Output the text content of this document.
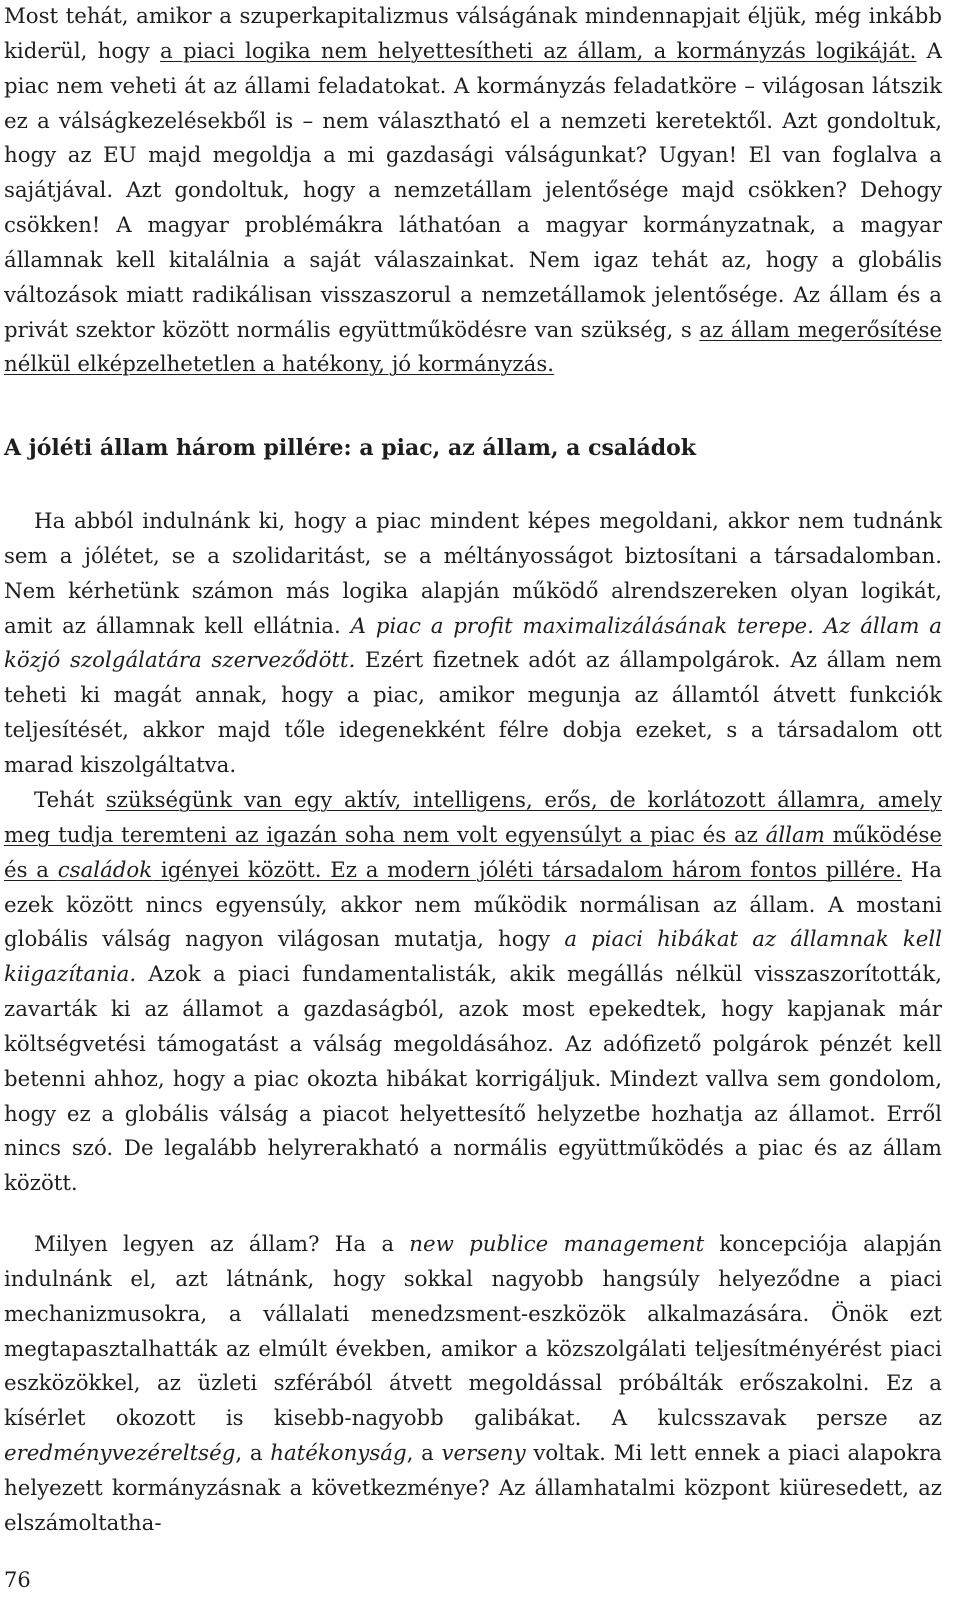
Most tehát, amikor a szuperkapitalizmus válságának mindennapjait éljük, még inkább kiderül, hogy a piaci logika nem helyettesítheti az állam, a kormányzás logikáját. A piac nem veheti át az állami feladatokat. A kormányzás feladatköre – világosan látszik ez a válságkezelésekből is – nem választható el a nemzeti keretektől. Azt gondoltuk, hogy az EU majd megoldja a mi gazdasági válságunkat? Ugyan! El van foglalva a sajátjával. Azt gondoltuk, hogy a nemzetállam jelentősége majd csökken? Dehogy csökken! A magyar problémákra láthatóan a magyar kormányzatnak, a magyar államnak kell kitalálnia a saját válaszainkat. Nem igaz tehát az, hogy a globális változások miatt radikálisan visszaszorul a nemzetállamok jelentősége. Az állam és a privát szektor között normális együttműködésre van szükség, s az állam megerősítése nélkül elképzelhetetlen a hatékony, jó kormányzás.

A jóléti állam három pillére: a piac, az állam, a családok

Ha abból indulnánk ki, hogy a piac mindent képes megoldani, akkor nem tudnánk sem a jólétet, se a szolidaritást, se a méltányosságot biztosítani a társadalomban. Nem kérhetünk számon más logika alapján működő alrendszereken olyan logikát, amit az államnak kell ellátnia. A piac a profit maximalizálásának terepe. Az állam a közjó szolgálatára szerveződött. Ezért fizetnek adót az állampolgárok. Az állam nem teheti ki magát annak, hogy a piac, amikor megunja az államtól átvett funkciók teljesítését, akkor majd tőle idegenekként félre dobja ezeket, s a társadalom ott marad kiszolgáltatva.

Tehát szükségünk van egy aktív, intelligens, erős, de korlátozott államra, amely meg tudja teremteni az igazán soha nem volt egyensúlyt a piac és az állam működése és a családok igényei között. Ez a modern jóléti társadalom három fontos pillére. Ha ezek között nincs egyensúly, akkor nem működik normálisan az állam. A mostani globális válság nagyon világosan mutatja, hogy a piaci hibákat az államnak kell kiigazítania. Azok a piaci fundamentalisták, akik megállás nélkül visszaszorították, zavarták ki az államot a gazdaságból, azok most epekedtek, hogy kapjanak már költségvetési támogatást a válság megoldásához. Az adófizető polgárok pénzét kell betenni ahhoz, hogy a piac okozta hibákat korrigáljuk. Mindezt vallva sem gondolom, hogy ez a globális válság a piacot helyettesítő helyzetbe hozhatja az államot. Erről nincs szó. De legalább helyrerakható a normális együttműködés a piac és az állam között.

Milyen legyen az állam? Ha a new publice management koncepciója alapján indulnánk el, azt látnánk, hogy sokkal nagyobb hangsúly helyeződne a piaci mechanizmusokra, a vállalati menedzsment-eszközök alkalmazására. Önök ezt megtapasztalhatták az elmúlt években, amikor a közszolgálati teljesítményérést piaci eszközökkel, az üzleti szférából átvett megoldással próbálták erőszakolni. Ez a kísérlet okozott is kisebb-nagyobb galibákat. A kulcsszavak persze az eredményvezéreltség, a hatékonyság, a verseny voltak. Mi lett ennek a piaci alapokra helyezett kormányzásnak a következménye? Az államhatalmi központ kiüresedett, az elszámoltatha-

76
